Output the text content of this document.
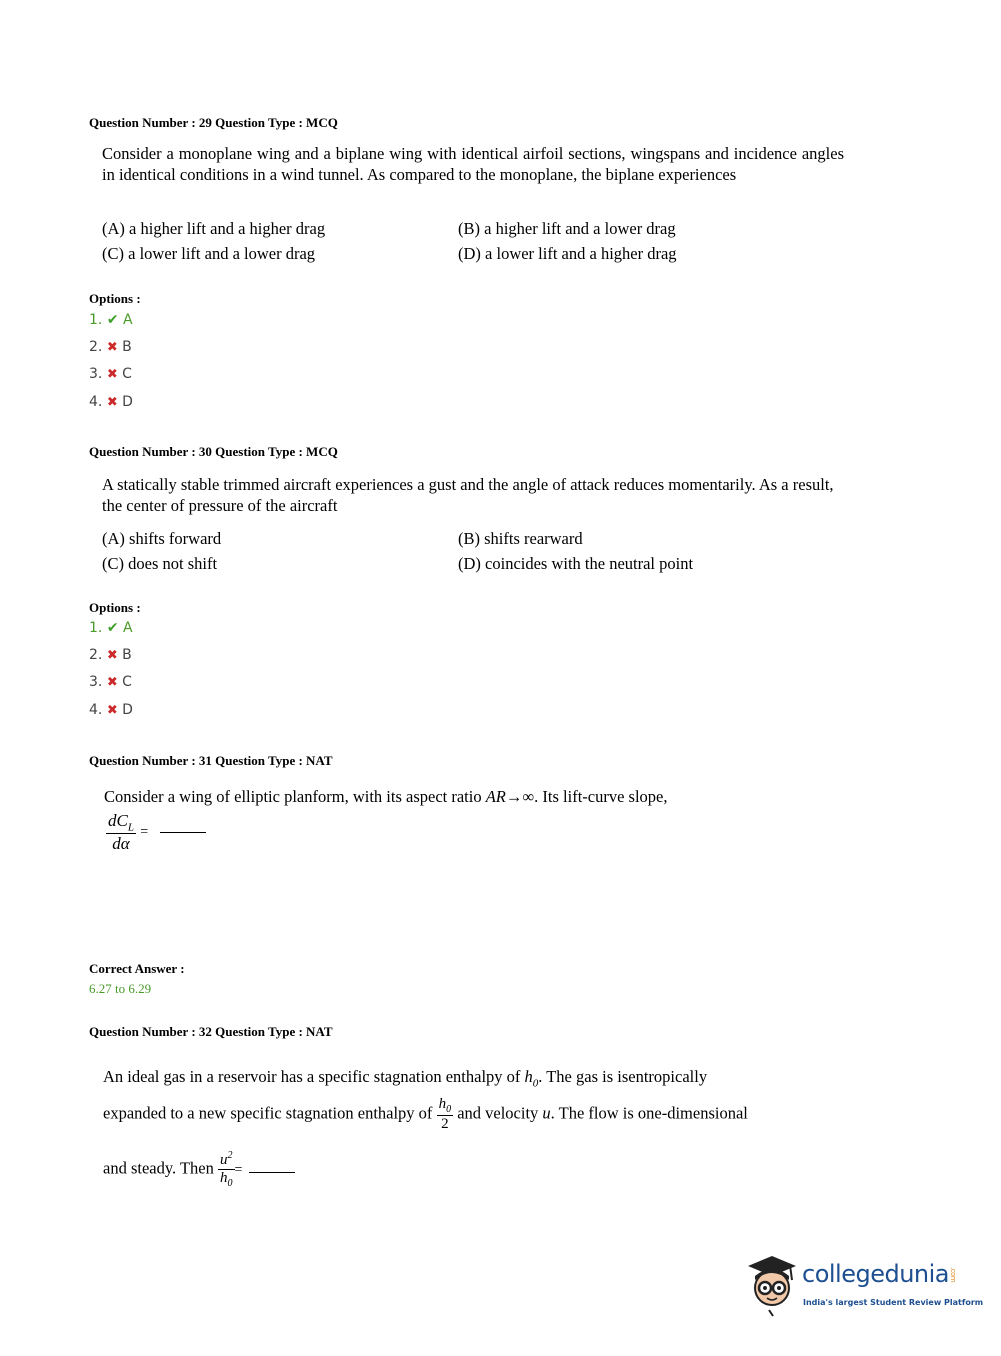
Question Number : 29 Question Type : MCQ
Consider a monoplane wing and a biplane wing with identical airfoil sections, wingspans and incidence angles in identical conditions in a wind tunnel. As compared to the monoplane, the biplane experiences
(A) a higher lift and a higher drag	(B) a higher lift and a lower drag
(C) a lower lift and a lower drag	(D) a lower lift and a higher drag
Options :
1. ✔ A
2. ✖ B
3. ✖ C
4. ✖ D
Question Number : 30 Question Type : MCQ
A statically stable trimmed aircraft experiences a gust and the angle of attack reduces momentarily. As a result, the center of pressure of the aircraft
(A) shifts forward	(B) shifts rearward
(C) does not shift	(D) coincides with the neutral point
Options :
1. ✔ A
2. ✖ B
3. ✖ C
4. ✖ D
Question Number : 31 Question Type : NAT
Consider a wing of elliptic planform, with its aspect ratio AR→∞. Its lift-curve slope,
$\frac{dC_L}{d\alpha}$ =
Correct Answer :
6.27 to 6.29
Question Number : 32 Question Type : NAT
An ideal gas in a reservoir has a specific stagnation enthalpy of $h_0$. The gas is isentropically
expanded to a new specific stagnation enthalpy of $\frac{h_0}{2}$ and velocity u. The flow is one-dimensional
and steady. Then $\frac{u^2}{h_0}$ =
collegedunia.com
India's largest Student Review Platform
